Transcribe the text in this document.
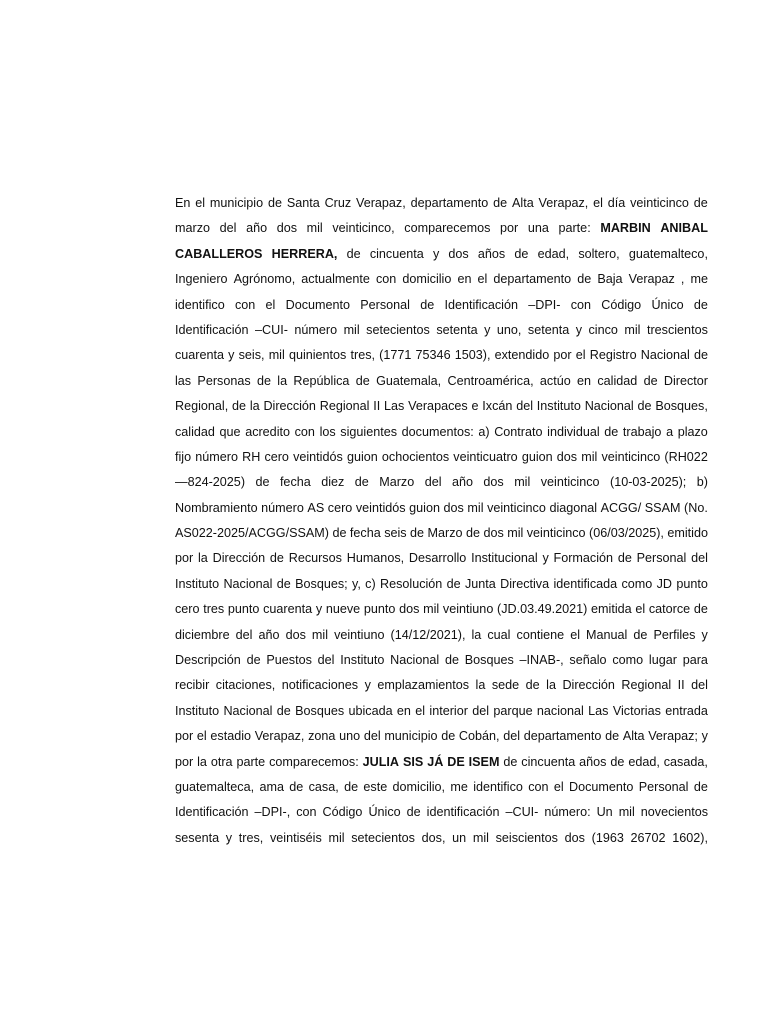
En el municipio de Santa Cruz Verapaz, departamento de Alta Verapaz, el día veinticinco de
marzo del año dos mil veinticinco, comparecemos por una parte: MARBIN ANIBAL
CABALLEROS HERRERA, de cincuenta y dos años de edad, soltero, guatemalteco,
Ingeniero Agrónomo, actualmente con domicilio en el departamento de Baja Verapaz , me
identifico con el Documento Personal de Identificación –DPI- con Código Único de
Identificación –CUI- número mil setecientos setenta y uno, setenta y cinco mil trescientos
cuarenta y seis, mil quinientos tres, (1771 75346 1503), extendido por el Registro Nacional de
las Personas de la República de Guatemala, Centroamérica, actúo en calidad de Director
Regional, de la Dirección Regional II Las Verapaces e Ixcán del Instituto Nacional de Bosques,
calidad que acredito con los siguientes documentos: a) Contrato individual de trabajo a plazo
fijo número RH cero veintidós guion ochocientos veinticuatro guion dos mil veinticinco (RH022
—824-2025) de fecha diez de Marzo del año dos mil veinticinco (10-03-2025); b)
Nombramiento número AS cero veintidós guion dos mil veinticinco diagonal ACGG/ SSAM (No.
AS022-2025/ACGG/SSAM) de fecha seis de Marzo de dos mil veinticinco (06/03/2025), emitido
por la Dirección de Recursos Humanos, Desarrollo Institucional y Formación de Personal del
Instituto Nacional de Bosques; y, c) Resolución de Junta Directiva identificada como JD punto
cero tres punto cuarenta y nueve punto dos mil veintiuno (JD.03.49.2021) emitida el catorce de
diciembre del año dos mil veintiuno (14/12/2021), la cual contiene el Manual de Perfiles y
Descripción de Puestos del Instituto Nacional de Bosques –INAB-, señalo como lugar para
recibir citaciones, notificaciones y emplazamientos la sede de la Dirección Regional II del
Instituto Nacional de Bosques ubicada en el interior del parque nacional Las Victorias entrada
por el estadio Verapaz, zona uno del municipio de Cobán, del departamento de Alta Verapaz; y
por la otra parte comparecemos: JULIA SIS JÁ DE ISEM de cincuenta años de edad, casada,
guatemalteca, ama de casa, de este domicilio, me identifico con el Documento Personal de
Identificación –DPI-, con Código Único de identificación –CUI- número: Un mil novecientos
sesenta y tres, veintiséis mil setecientos dos, un mil seiscientos dos (1963 26702 1602),
